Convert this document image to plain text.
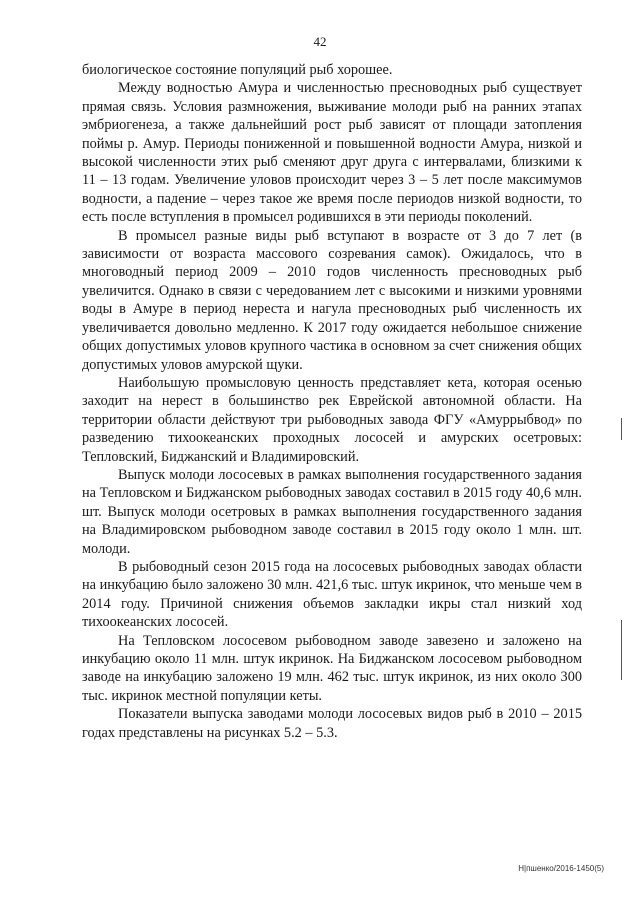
42

биологическое состояние популяций рыб хорошее.

Между водностью Амура и численностью пресноводных рыб существует прямая связь. Условия размножения, выживание молоди рыб на ранних этапах эмбриогенеза, а также дальнейший рост рыб зависят от площади затопления поймы р. Амур. Периоды пониженной и повышенной водности Амура, низкой и высокой численности этих рыб сменяют друг друга с интервалами, близкими к 11 – 13 годам. Увеличение уловов происходит через 3 – 5 лет после максимумов водности, а падение – через такое же время после периодов низкой водности, то есть после вступления в промысел родившихся в эти периоды поколений.

В промысел разные виды рыб вступают в возрасте от 3 до 7 лет (в зависимости от возраста массового созревания самок). Ожидалось, что в многоводный период 2009 – 2010 годов численность пресноводных рыб увеличится. Однако в связи с чередованием лет с высокими и низкими уровнями воды в Амуре в период нереста и нагула пресноводных рыб численность их увеличивается довольно медленно. К 2017 году ожидается небольшое снижение общих допустимых уловов крупного частика в основном за счет снижения общих допустимых уловов амурской щуки.

Наибольшую промысловую ценность представляет кета, которая осенью заходит на нерест в большинство рек Еврейской автономной области. На территории области действуют три рыбоводных завода ФГУ «Амуррыбвод» по разведению тихоокеанских проходных лососей и амурских осетровых: Тепловский, Биджанский и Владимировский.

Выпуск молоди лососевых в рамках выполнения государственного задания на Тепловском и Биджанском рыбоводных заводах составил в 2015 году 40,6 млн. шт. Выпуск молоди осетровых в рамках выполнения государственного задания на Владимировском рыбоводном заводе составил в 2015 году около 1 млн. шт. молоди.

В рыбоводный сезон 2015 года на лососевых рыбоводных заводах области на инкубацию было заложено 30 млн. 421,6 тыс. штук икринок, что меньше чем в 2014 году. Причиной снижения объемов закладки икры стал низкий ход тихоокеанских лососей.

На Тепловском лососевом рыбоводном заводе завезено и заложено на инкубацию около 11 млн. штук икринок. На Биджанском лососевом рыбоводном заводе на инкубацию заложено 19 млн. 462 тыс. штук икринок, из них около 300 тыс. икринок местной популяции кеты.

Показатели выпуска заводами молоди лососевых видов рыб в 2010 – 2015 годах представлены на рисунках 5.2 – 5.3.

Н|пшенко/2016-1450(5)
